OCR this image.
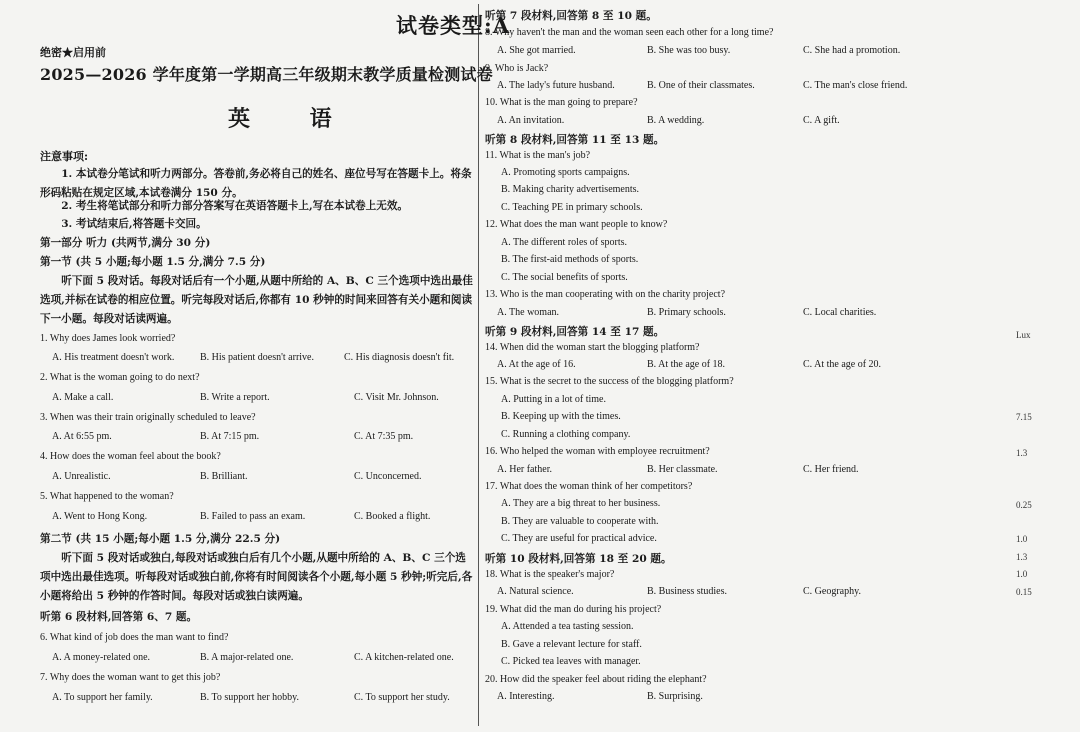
试卷类型:A
绝密★启用前
2025—2026 学年度第一学期高三年级期末教学质量检测试卷
英 语
注意事项:
1. 本试卷分笔试和听力两部分。答卷前,务必将自己的姓名、座位号写在答题卡上。将条形码粘贴在规定区域,本试卷满分 150 分。
2. 考生将笔试部分和听力部分答案写在英语答题卡上,写在本试卷上无效。
3. 考试结束后,将答题卡交回。
第一部分 听力 (共两节,满分 30 分)
第一节 (共 5 小题;每小题 1.5 分,满分 7.5 分)
听下面 5 段对话。每段对话后有一个小题,从题中所给的 A、B、C 三个选项中选出最佳选项,并标在试卷的相应位置。听完每段对话后,你都有 10 秒钟的时间来回答有关小题和阅读下一小题。每段对话读两遍。
1. Why does James look worried?
A. His treatment doesn't work.	B. His patient doesn't arrive.	C. His diagnosis doesn't fit.
2. What is the woman going to do next?
A. Make a call.	B. Write a report.	C. Visit Mr. Johnson.
3. When was their train originally scheduled to leave?
A. At 6:55 pm.	B. At 7:15 pm.	C. At 7:35 pm.
4. How does the woman feel about the book?
A. Unrealistic.	B. Brilliant.	C. Unconcerned.
5. What happened to the woman?
A. Went to Hong Kong.	B. Failed to pass an exam.	C. Booked a flight.
第二节 (共 15 小题;每小题 1.5 分,满分 22.5 分)
听下面 5 段对话或独白,每段对话或独白后有几个小题,从题中所给的 A、B、C 三个选项中选出最佳选项。听每段对话或独白前,你将有时间阅读各个小题,每小题 5 秒钟;听完后,各小题将给出 5 秒钟的作答时间。每段对话或独白读两遍。
听第 6 段材料,回答第 6、7 题。
6. What kind of job does the man want to find?
A. A money-related one.	B. A major-related one.	C. A kitchen-related one.
7. Why does the woman want to get this job?
A. To support her family.	B. To support her hobby.	C. To support her study.
听第 7 段材料,回答第 8 至 10 题。
8. Why haven't the man and the woman seen each other for a long time?
A. She got married.	B. She was too busy.	C. She had a promotion.
9. Who is Jack?
A. The lady's future husband.	B. One of their classmates.	C. The man's close friend.
10. What is the man going to prepare?
A. An invitation.	B. A wedding.	C. A gift.
听第 8 段材料,回答第 11 至 13 题。
11. What is the man's job?
A. Promoting sports campaigns.
B. Making charity advertisements.
C. Teaching PE in primary schools.
12. What does the man want people to know?
A. The different roles of sports.
B. The first-aid methods of sports.
C. The social benefits of sports.
13. Who is the man cooperating with on the charity project?
A. The woman.	B. Primary schools.	C. Local charities.
听第 9 段材料,回答第 14 至 17 题。
14. When did the woman start the blogging platform?
A. At the age of 16.	B. At the age of 18.	C. At the age of 20.
15. What is the secret to the success of the blogging platform?
A. Putting in a lot of time.
B. Keeping up with the times.
C. Running a clothing company.
16. Who helped the woman with employee recruitment?
A. Her father.	B. Her classmate.	C. Her friend.
17. What does the woman think of her competitors?
A. They are a big threat to her business.
B. They are valuable to cooperate with.
C. They are useful for practical advice.
听第 10 段材料,回答第 18 至 20 题。
18. What is the speaker's major?
A. Natural science.	B. Business studies.	C. Geography.
19. What did the man do during his project?
A. Attended a tea tasting session.
B. Gave a relevant lecture for staff.
C. Picked tea leaves with manager.
20. How did the speaker feel about riding the elephant?
A. Interesting.	B. Surprising.
Lux
7.15
1.3
1.0
1.3
1.0
0.15
0.25
